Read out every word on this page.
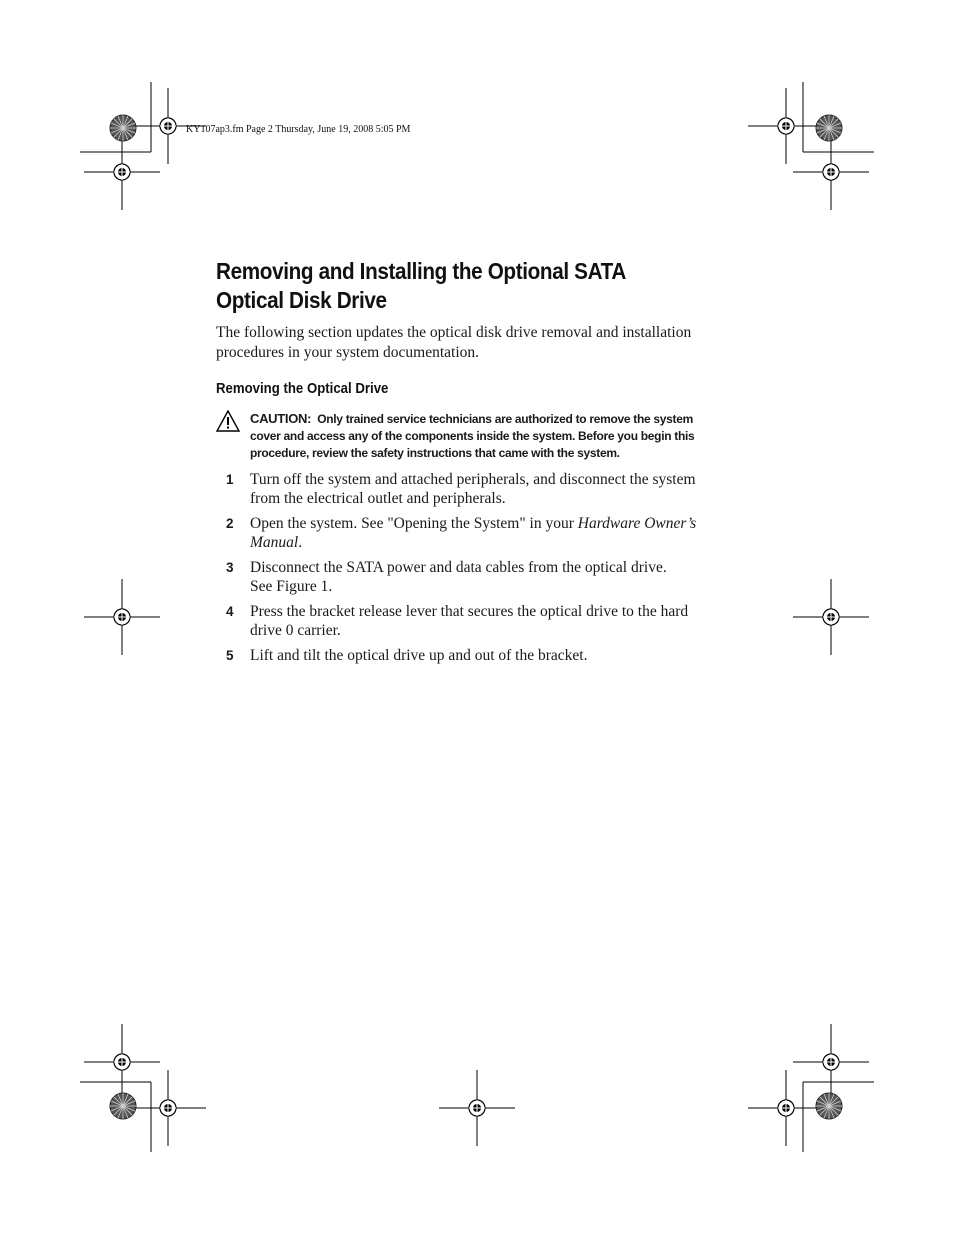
KY107ap3.fm Page 2 Thursday, June 19, 2008 5:05 PM
Removing and Installing the Optional SATA
Optical Disk Drive

The following section updates the optical disk drive removal and installation
procedures in your system documentation.

Removing the Optical Drive
CAUTION: Only trained service technicians are authorized to remove the system
cover and access any of the components inside the system. Before you begin this
procedure, review the safety instructions that came with the system.
1 Turn off the system and attached peripherals, and disconnect the system
from the electrical outlet and peripherals.
2 Open the system. See "Opening the System" in your Hardware Owner’s
Manual.
3 Disconnect the SATA power and data cables from the optical drive.
See Figure 1.
4 Press the bracket release lever that secures the optical drive to the hard
drive 0 carrier.
5 Lift and tilt the optical drive up and out of the bracket.
